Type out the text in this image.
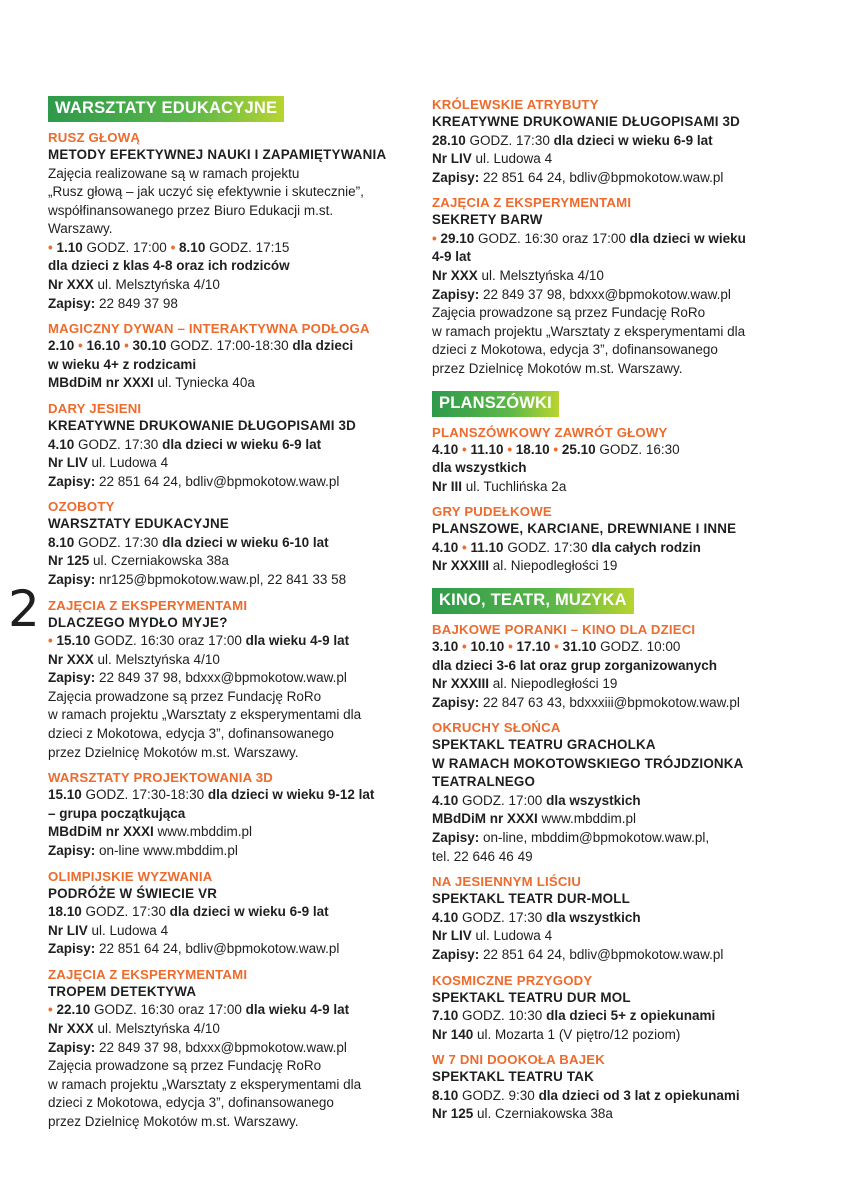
WARSZTATY EDUKACYJNE
RUSZ GŁOWĄ
METODY EFEKTYWNEJ NAUKI I ZAPAMIĘTYWANIA
Zajęcia realizowane są w ramach projektu
„Rusz głową – jak uczyć się efektywnie i skutecznie”,
współfinansowanego przez Biuro Edukacji m.st.
Warszawy.
• 1.10 GODZ. 17:00 • 8.10 GODZ. 17:15
dla dzieci z klas 4-8 oraz ich rodziców
Nr XXX ul. Melsztyńska 4/10
Zapisy: 22 849 37 98
MAGICZNY DYWAN – INTERAKTYWNA PODŁOGA
2.10 • 16.10 • 30.10 GODZ. 17:00-18:30 dla dzieci
w wieku 4+ z rodzicami
MBdDiM nr XXXI ul. Tyniecka 40a
DARY JESIENI
KREATYWNE DRUKOWANIE DŁUGOPISAMI 3D
4.10 GODZ. 17:30 dla dzieci w wieku 6-9 lat
Nr LIV ul. Ludowa 4
Zapisy: 22 851 64 24, bdliv@bpmokotow.waw.pl
OZOBOTY
WARSZTATY EDUKACYJNE
8.10 GODZ. 17:30 dla dzieci w wieku 6-10 lat
Nr 125 ul. Czerniakowska 38a
Zapisy: nr125@bpmokotow.waw.pl, 22 841 33 58
ZAJĘCIA Z EKSPERYMENTAMI
DLACZEGO MYDŁO MYJE?
• 15.10 GODZ. 16:30 oraz 17:00 dla wieku 4-9 lat
Nr XXX ul. Melsztyńska 4/10
Zapisy: 22 849 37 98, bdxxx@bpmokotow.waw.pl
Zajęcia prowadzone są przez Fundację RoRo
w ramach projektu „Warsztaty z eksperymentami dla
dzieci z Mokotowa, edycja 3”, dofinansowanego
przez Dzielnicę Mokotów m.st. Warszawy.
WARSZTATY PROJEKTOWANIA 3D
15.10 GODZ. 17:30-18:30 dla dzieci w wieku 9-12 lat
– grupa początkująca
MBdDiM nr XXXI www.mbddim.pl
Zapisy: on-line www.mbddim.pl
OLIMPIJSKIE WYZWANIA
PODRÓŻE W ŚWIECIE VR
18.10 GODZ. 17:30 dla dzieci w wieku 6-9 lat
Nr LIV ul. Ludowa 4
Zapisy: 22 851 64 24, bdliv@bpmokotow.waw.pl
ZAJĘCIA Z EKSPERYMENTAMI
TROPEM DETEKTYWA
• 22.10 GODZ. 16:30 oraz 17:00 dla wieku 4-9 lat
Nr XXX ul. Melsztyńska 4/10
Zapisy: 22 849 37 98, bdxxx@bpmokotow.waw.pl
Zajęcia prowadzone są przez Fundację RoRo
w ramach projektu „Warsztaty z eksperymentami dla
dzieci z Mokotowa, edycja 3”, dofinansowanego
przez Dzielnicę Mokotów m.st. Warszawy.
KRÓLEWSKIE ATRYBUTY
KREATYWNE DRUKOWANIE DŁUGOPISAMI 3D
28.10 GODZ. 17:30 dla dzieci w wieku 6-9 lat
Nr LIV ul. Ludowa 4
Zapisy: 22 851 64 24, bdliv@bpmokotow.waw.pl
ZAJĘCIA Z EKSPERYMENTAMI
SEKRETY BARW
• 29.10 GODZ. 16:30 oraz 17:00 dla dzieci w wieku
4-9 lat
Nr XXX ul. Melsztyńska 4/10
Zapisy: 22 849 37 98, bdxxx@bpmokotow.waw.pl
Zajęcia prowadzone są przez Fundację RoRo
w ramach projektu „Warsztaty z eksperymentami dla
dzieci z Mokotowa, edycja 3”, dofinansowanego
przez Dzielnicę Mokotów m.st. Warszawy.
PLANSZÓWKI
PLANSZÓWKOWY ZAWRÓT GŁOWY
4.10 • 11.10 • 18.10 • 25.10 GODZ. 16:30
dla wszystkich
Nr III ul. Tuchlińska 2a
GRY PUDEŁKOWE
PLANSZOWE, KARCIANE, DREWNIANE I INNE
4.10 • 11.10 GODZ. 17:30 dla całych rodzin
Nr XXXIII al. Niepodległości 19
KINO, TEATR, MUZYKA
BAJKOWE PORANKI – KINO DLA DZIECI
3.10 • 10.10 • 17.10 • 31.10 GODZ. 10:00
dla dzieci 3-6 lat oraz grup zorganizowanych
Nr XXXIII al. Niepodległości 19
Zapisy: 22 847 63 43, bdxxxiii@bpmokotow.waw.pl
OKRUCHY SŁOŃCA
SPEKTAKL TEATRU GRACHOLKA
W RAMACH MOKOTOWSKIEGO TRÓJDZIONKA
TEATRALNEGO
4.10 GODZ. 17:00 dla wszystkich
MBdDiM nr XXXI www.mbddim.pl
Zapisy: on-line, mbddim@bpmokotow.waw.pl,
tel. 22 646 46 49
NA JESIENNYM LIŚCIU
SPEKTAKL TEATR DUR-MOLL
4.10 GODZ. 17:30 dla wszystkich
Nr LIV ul. Ludowa 4
Zapisy: 22 851 64 24, bdliv@bpmokotow.waw.pl
KOSMICZNE PRZYGODY
SPEKTAKL TEATRU DUR MOL
7.10 GODZ. 10:30 dla dzieci 5+ z opiekunami
Nr 140 ul. Mozarta 1 (V piętro/12 poziom)
W 7 DNI DOOKOŁA BAJEK
SPEKTAKL TEATRU TAK
8.10 GODZ. 9:30 dla dzieci od 3 lat z opiekunami
Nr 125 ul. Czerniakowska 38a
2
